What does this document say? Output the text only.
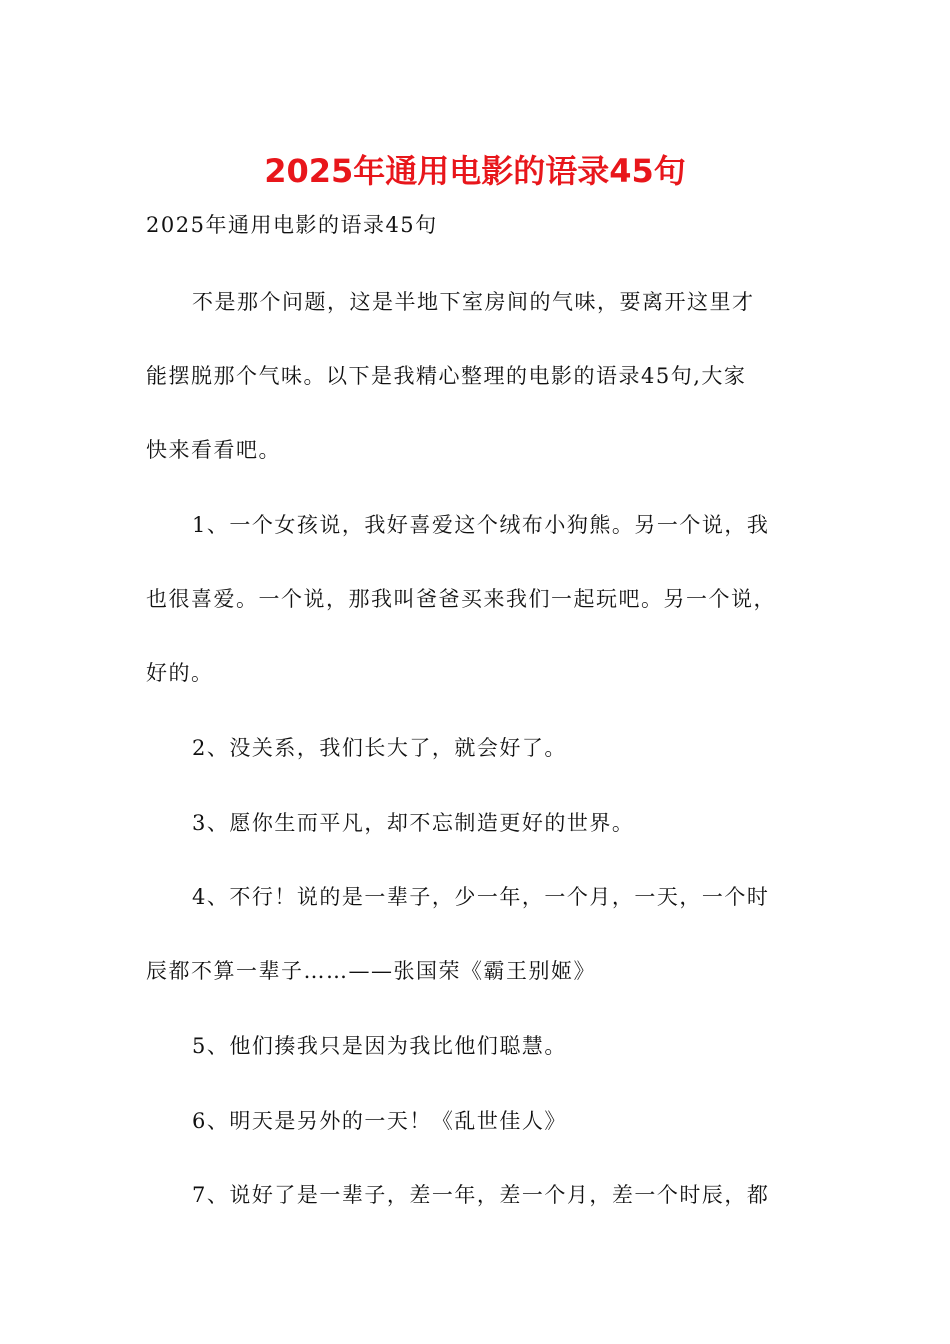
2025年通用电影的语录45句
2025年通用电影的语录45句
不是那个问题，这是半地下室房间的气味，要离开这里才
能摆脱那个气味。以下是我精心整理的电影的语录45句,大家
快来看看吧。
1、一个女孩说，我好喜爱这个绒布小狗熊。另一个说，我
也很喜爱。一个说，那我叫爸爸买来我们一起玩吧。另一个说，
好的。
2、没关系，我们长大了，就会好了。
3、愿你生而平凡，却不忘制造更好的世界。
4、不行！说的是一辈子，少一年，一个月，一天，一个时
辰都不算一辈子……——张国荣《霸王别姬》
5、他们揍我只是因为我比他们聪慧。
6、明天是另外的一天！《乱世佳人》
7、说好了是一辈子，差一年，差一个月，差一个时辰，都
